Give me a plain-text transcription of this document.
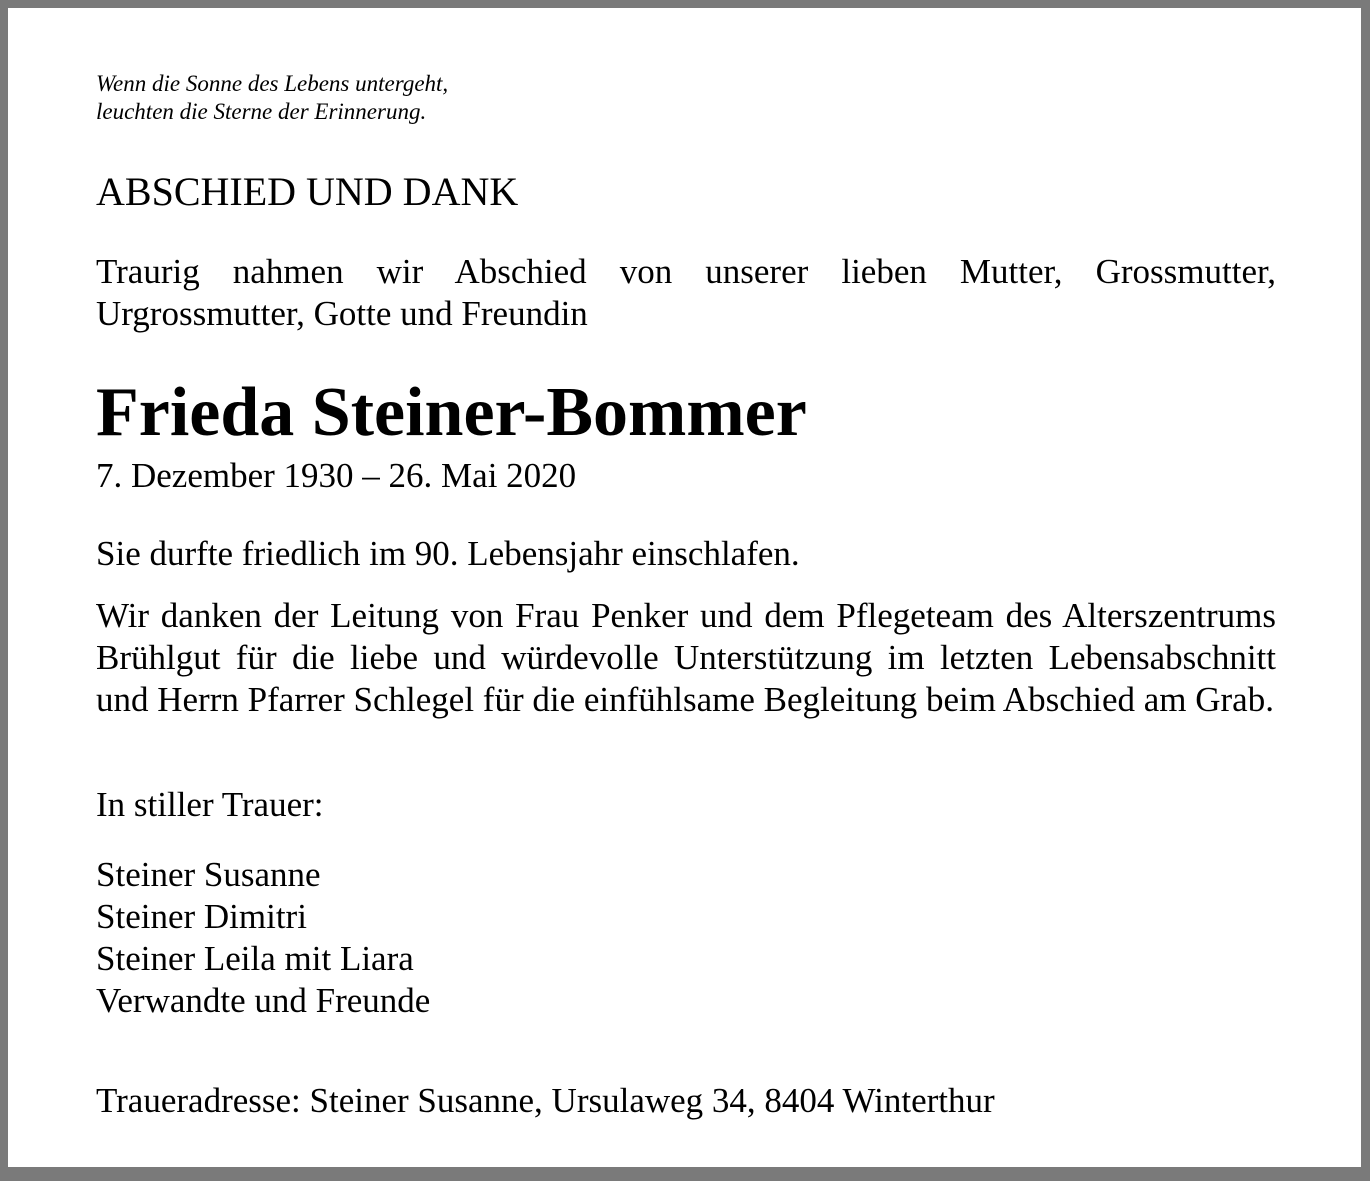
Wenn die Sonne des Lebens untergeht,
leuchten die Sterne der Erinnerung.
ABSCHIED UND DANK
Traurig nahmen wir Abschied von unserer lieben Mutter, Grossmutter, Urgrossmutter, Gotte und Freundin
Frieda Steiner-Bommer
7. Dezember 1930 – 26. Mai 2020
Sie durfte friedlich im 90. Lebensjahr einschlafen.
Wir danken der Leitung von Frau Penker und dem Pflegeteam des Alterszentrums Brühlgut für die liebe und würdevolle Unterstützung im letzten Lebensabschnitt und Herrn Pfarrer Schlegel für die einfühlsame Begleitung beim Abschied am Grab.
In stiller Trauer:
Steiner Susanne
Steiner Dimitri
Steiner Leila mit Liara
Verwandte und Freunde
Traueradresse: Steiner Susanne, Ursulaweg 34, 8404 Winterthur
